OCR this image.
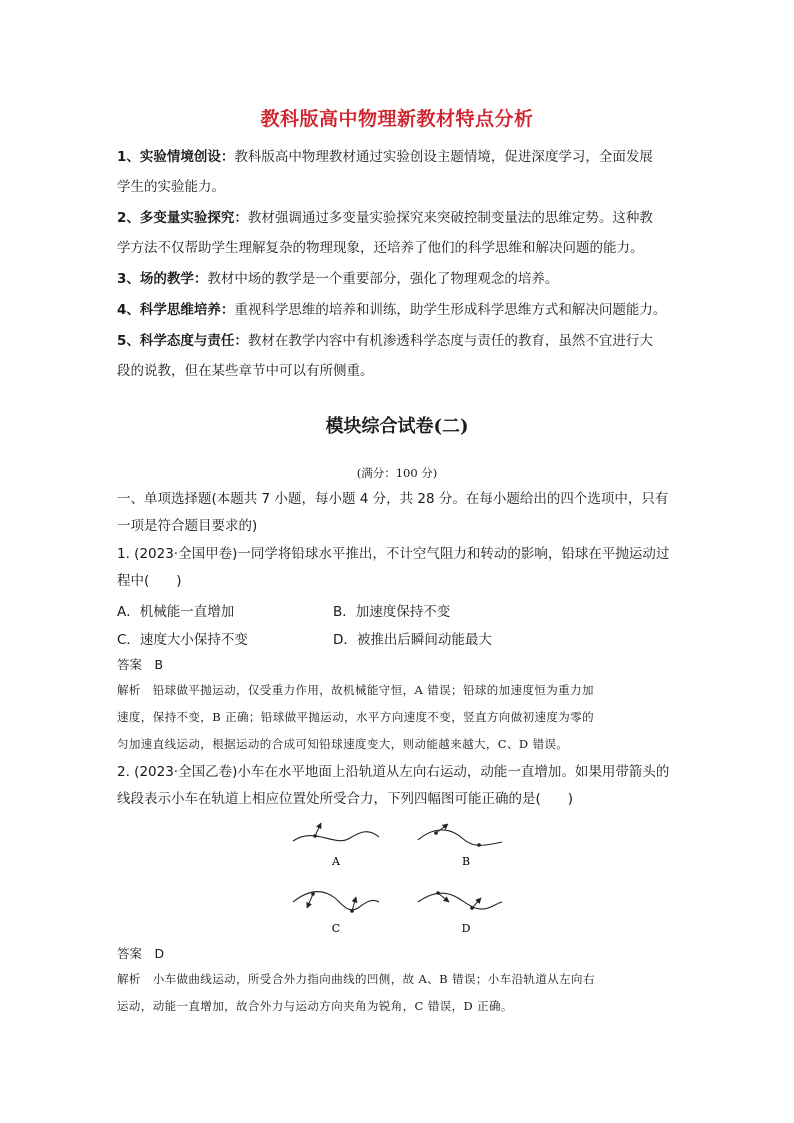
教科版高中物理新教材特点分析
1、实验情境创设：教科版高中物理教材通过实验创设主题情境，促进深度学习，全面发展
学生的实验能力。
2、多变量实验探究：教材强调通过多变量实验探究来突破控制变量法的思维定势。这种教
学方法不仅帮助学生理解复杂的物理现象，还培养了他们的科学思维和解决问题的能力。
3、场的教学：教材中场的教学是一个重要部分，强化了物理观念的培养。
4、科学思维培养：重视科学思维的培养和训练，助学生形成科学思维方式和解决问题能力。
5、科学态度与责任：教材在教学内容中有机渗透科学态度与责任的教育，虽然不宜进行大
段的说教，但在某些章节中可以有所侧重。
模块综合试卷(二)
(满分：100 分)
一、单项选择题(本题共 7 小题，每小题 4 分，共 28 分。在每小题给出的四个选项中，只有
一项是符合题目要求的)
1. (2023·全国甲卷)一同学将铅球水平推出，不计空气阻力和转动的影响，铅球在平抛运动过
程中(　　)
A．机械能一直增加	B．加速度保持不变
C．速度大小保持不变	D．被推出后瞬间动能最大
答案　B
解析　铅球做平抛运动，仅受重力作用，故机械能守恒，A 错误；铅球的加速度恒为重力加
速度，保持不变，B 正确；铅球做平抛运动，水平方向速度不变，竖直方向做初速度为零的
匀加速直线运动，根据运动的合成可知铅球速度变大，则动能越来越大，C、D 错误。
2. (2023·全国乙卷)小车在水平地面上沿轨道从左向右运动，动能一直增加。如果用带箭头的
线段表示小车在轨道上相应位置处所受合力，下列四幅图可能正确的是(　　)
A	B
C	D
答案　D
解析　小车做曲线运动，所受合外力指向曲线的凹侧，故 A、B 错误；小车沿轨道从左向右
运动，动能一直增加，故合外力与运动方向夹角为锐角，C 错误，D 正确。
